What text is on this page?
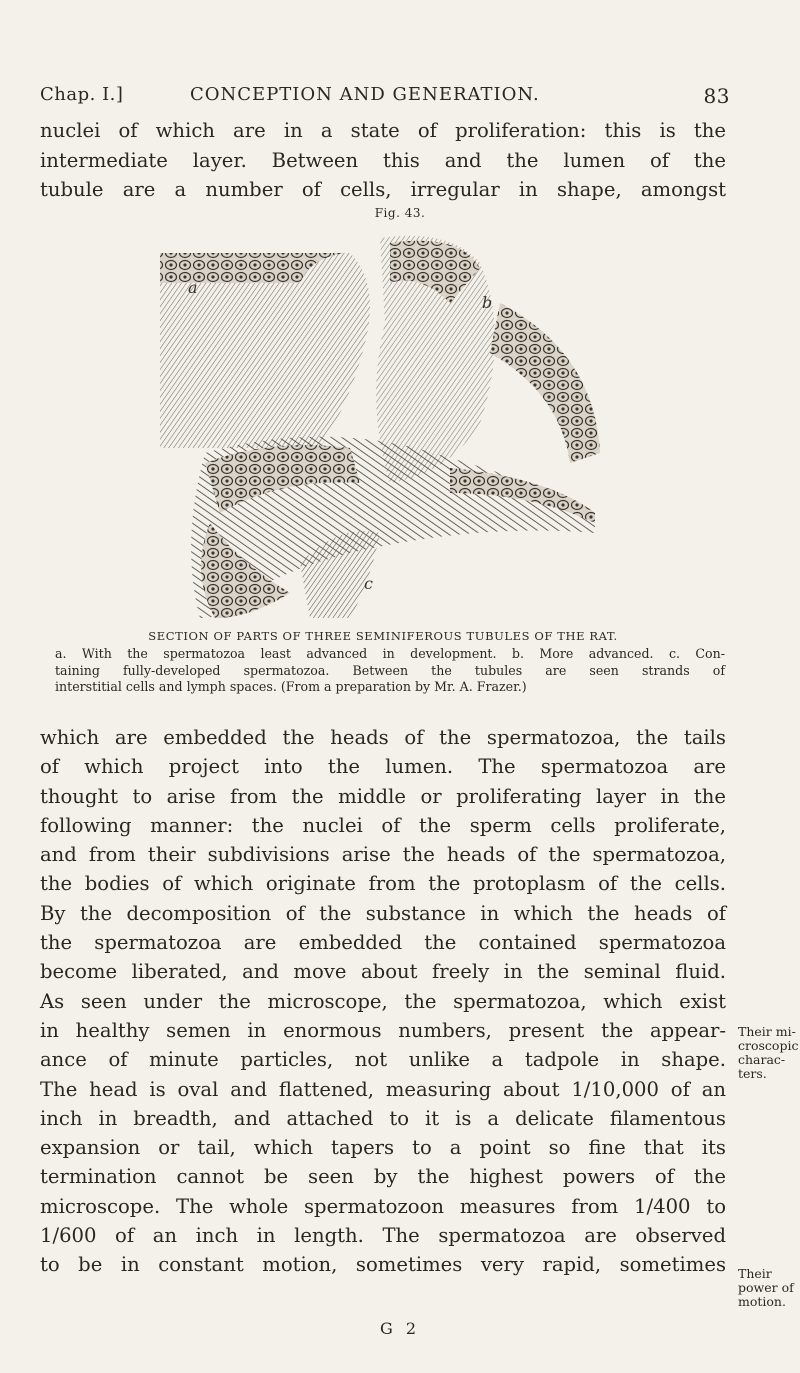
Chap. I.]	CONCEPTION AND GENERATION.	83
nuclei of which are in a state of proliferation: this is the
intermediate layer. Between this and the lumen of the
tubule are a number of cells, irregular in shape, amongst
Fig. 43.
a
b
c
SECTION OF PARTS OF THREE SEMINIFEROUS TUBULES OF THE RAT.
a. With the spermatozoa least advanced in development. b. More advanced. c. Con-
taining fully-developed spermatozoa. Between the tubules are seen strands of
interstitial cells and lymph spaces. (From a preparation by Mr. A. Frazer.)
which are embedded the heads of the spermatozoa, the tails
of which project into the lumen. The spermatozoa are
thought to arise from the middle or proliferating layer in the
following manner: the nuclei of the sperm cells proliferate,
and from their subdivisions arise the heads of the spermatozoa,
the bodies of which originate from the protoplasm of the cells.
By the decomposition of the substance in which the heads of
the spermatozoa are embedded the contained spermatozoa
become liberated, and move about freely in the seminal fluid.
As seen under the microscope, the spermatozoa, which exist
in healthy semen in enormous numbers, present the appear-
ance of minute particles, not unlike a tadpole in shape.
The head is oval and flattened, measuring about 1/10,000 of an
inch in breadth, and attached to it is a delicate filamentous
expansion or tail, which tapers to a point so fine that its
termination cannot be seen by the highest powers of the
microscope. The whole spermatozoon measures from 1/400 to
1/600 of an inch in length. The spermatozoa are observed
to be in constant motion, sometimes very rapid, sometimes
Their mi-
croscopic
charac-
ters.
Their
power of
motion.
G 2
